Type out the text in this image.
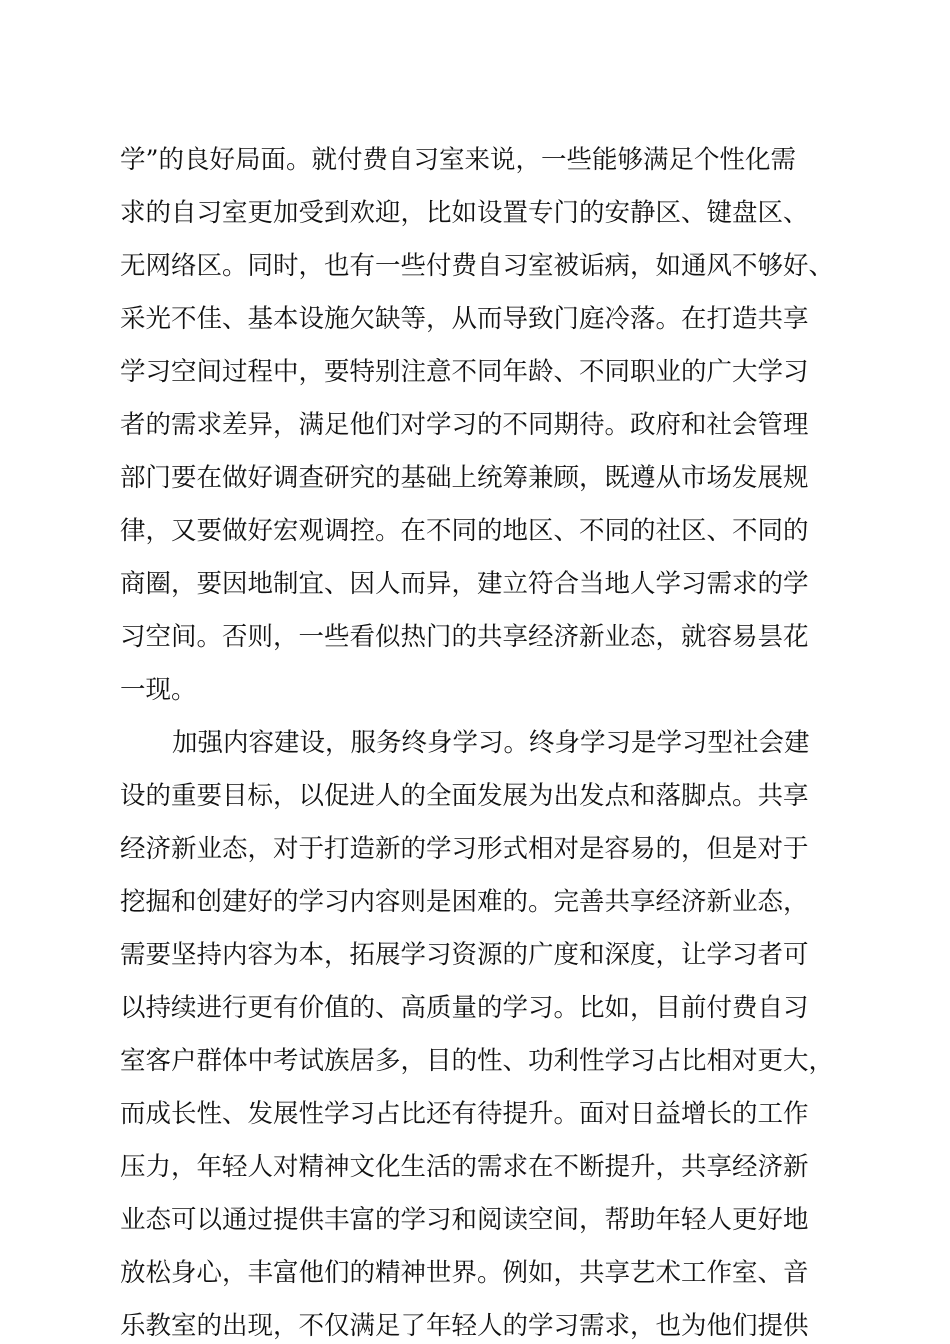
学”的良好局面。就付费自习室来说，一些能够满足个性化需
求的自习室更加受到欢迎，比如设置专门的安静区、键盘区、
无网络区。同时，也有一些付费自习室被诟病，如通风不够好、
采光不佳、基本设施欠缺等，从而导致门庭冷落。在打造共享
学习空间过程中，要特别注意不同年龄、不同职业的广大学习
者的需求差异，满足他们对学习的不同期待。政府和社会管理
部门要在做好调查研究的基础上统筹兼顾，既遵从市场发展规
律，又要做好宏观调控。在不同的地区、不同的社区、不同的
商圈，要因地制宜、因人而异，建立符合当地人学习需求的学
习空间。否则，一些看似热门的共享经济新业态，就容易昙花
一现。
加强内容建设，服务终身学习。终身学习是学习型社会建
设的重要目标，以促进人的全面发展为出发点和落脚点。共享
经济新业态，对于打造新的学习形式相对是容易的，但是对于
挖掘和创建好的学习内容则是困难的。完善共享经济新业态，
需要坚持内容为本，拓展学习资源的广度和深度，让学习者可
以持续进行更有价值的、高质量的学习。比如，目前付费自习
室客户群体中考试族居多，目的性、功利性学习占比相对更大，
而成长性、发展性学习占比还有待提升。面对日益增长的工作
压力，年轻人对精神文化生活的需求在不断提升，共享经济新
业态可以通过提供丰富的学习和阅读空间，帮助年轻人更好地
放松身心，丰富他们的精神世界。例如，共享艺术工作室、音
乐教室的出现，不仅满足了年轻人的学习需求，也为他们提供
